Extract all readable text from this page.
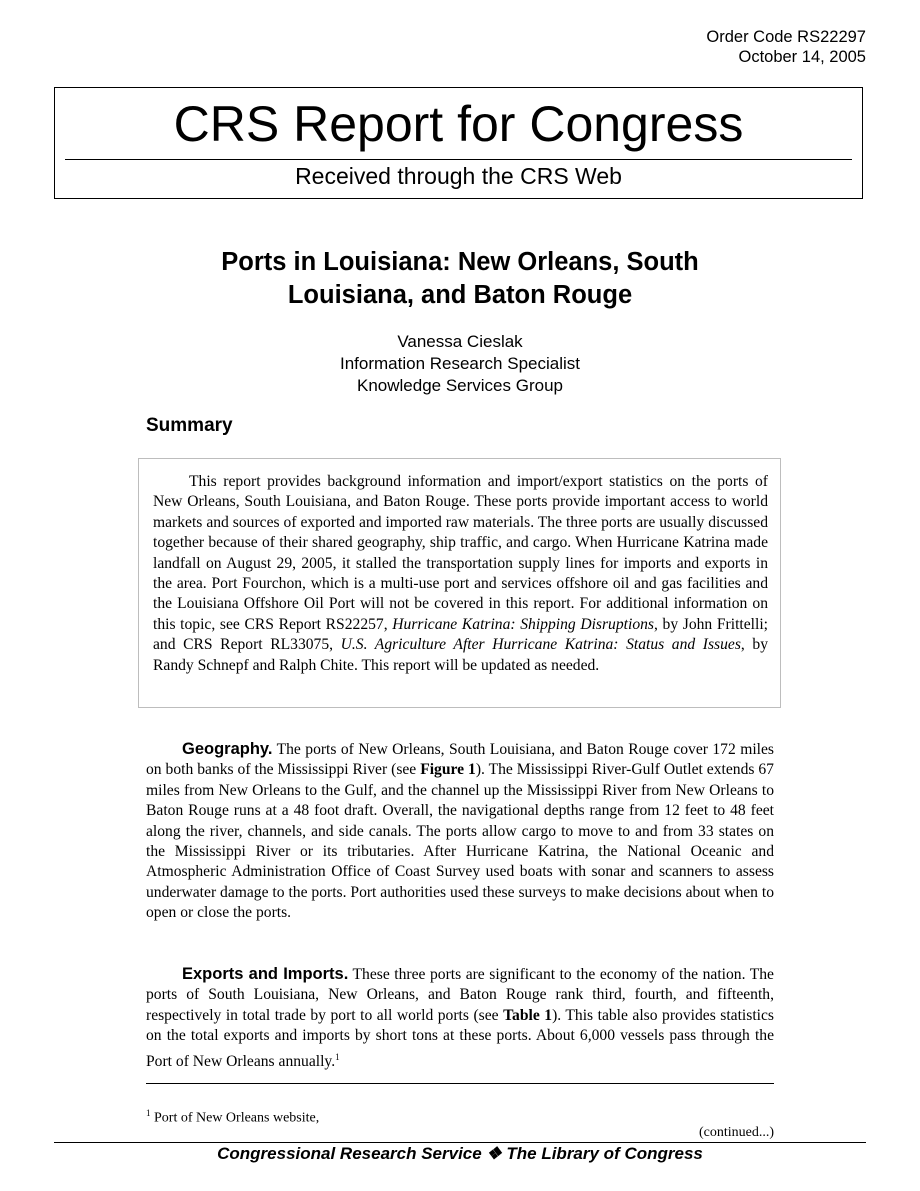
Order Code RS22297
October 14, 2005
CRS Report for Congress
Received through the CRS Web
Ports in Louisiana: New Orleans, South
Louisiana, and Baton Rouge
Vanessa Cieslak
Information Research Specialist
Knowledge Services Group
Summary

This report provides background information and import/export statistics on the ports of New Orleans, South Louisiana, and Baton Rouge. These ports provide important access to world markets and sources of exported and imported raw materials. The three ports are usually discussed together because of their shared geography, ship traffic, and cargo. When Hurricane Katrina made landfall on August 29, 2005, it stalled the transportation supply lines for imports and exports in the area. Port Fourchon, which is a multi-use port and services offshore oil and gas facilities and the Louisiana Offshore Oil Port will not be covered in this report. For additional information on this topic, see CRS Report RS22257, Hurricane Katrina: Shipping Disruptions, by John Frittelli; and CRS Report RL33075, U.S. Agriculture After Hurricane Katrina: Status and Issues, by Randy Schnepf and Ralph Chite. This report will be updated as needed.

Geography. The ports of New Orleans, South Louisiana, and Baton Rouge cover 172 miles on both banks of the Mississippi River (see Figure 1). The Mississippi River-Gulf Outlet extends 67 miles from New Orleans to the Gulf, and the channel up the Mississippi River from New Orleans to Baton Rouge runs at a 48 foot draft. Overall, the navigational depths range from 12 feet to 48 feet along the river, channels, and side canals. The ports allow cargo to move to and from 33 states on the Mississippi River or its tributaries. After Hurricane Katrina, the National Oceanic and Atmospheric Administration Office of Coast Survey used boats with sonar and scanners to assess underwater damage to the ports. Port authorities used these surveys to make decisions about when to open or close the ports.

Exports and Imports. These three ports are significant to the economy of the nation. The ports of South Louisiana, New Orleans, and Baton Rouge rank third, fourth, and fifteenth, respectively in total trade by port to all world ports (see Table 1). This table also provides statistics on the total exports and imports by short tons at these ports. About 6,000 vessels pass through the Port of New Orleans annually.$^1$

$^1$ Port of New Orleans website,
(continued...)
Congressional Research Service ❖ The Library of Congress
